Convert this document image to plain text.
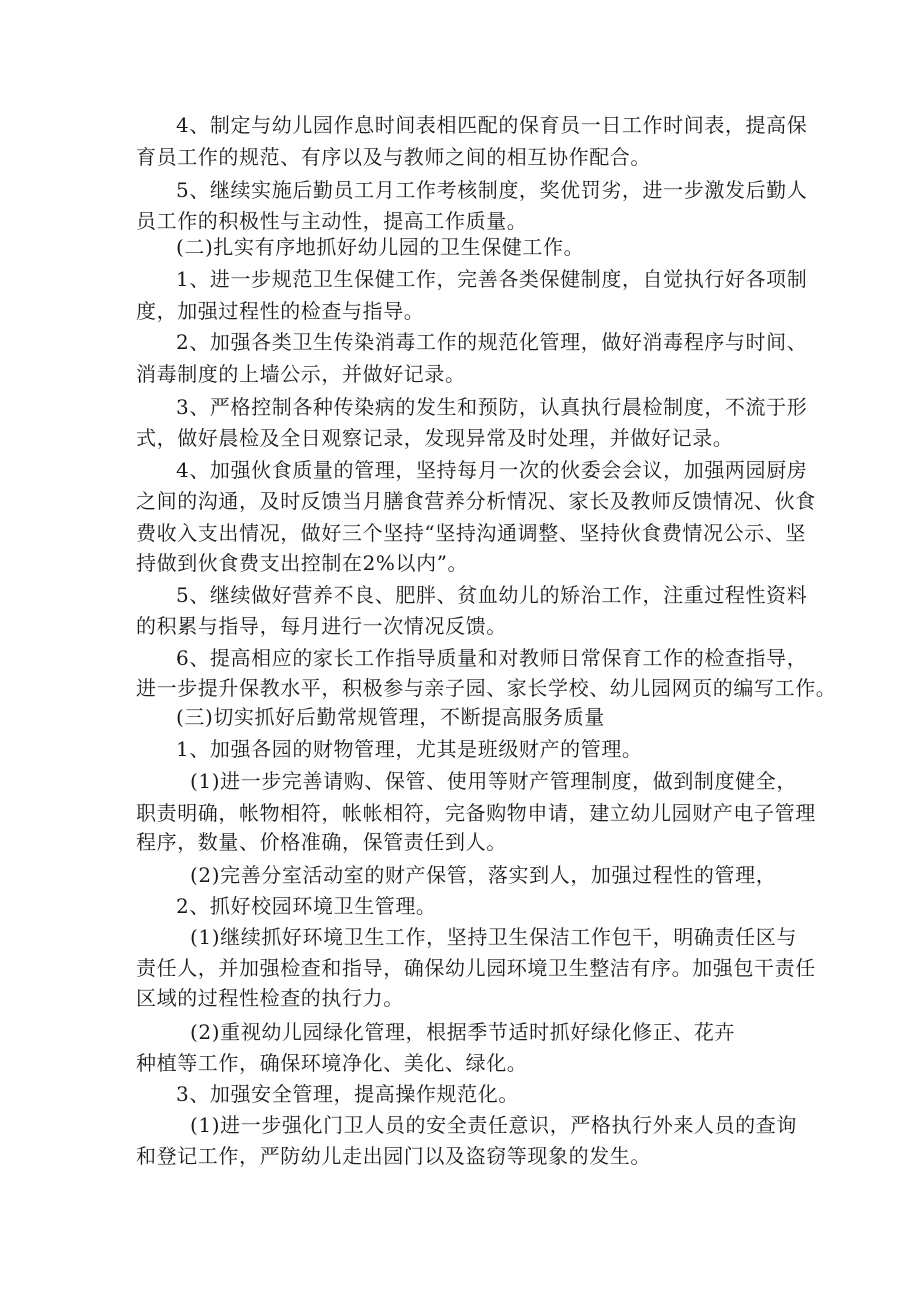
4、制定与幼儿园作息时间表相匹配的保育员一日工作时间表，提高保
育员工作的规范、有序以及与教师之间的相互协作配合。
5、继续实施后勤员工月工作考核制度，奖优罚劣，进一步激发后勤人
员工作的积极性与主动性，提高工作质量。
(二)扎实有序地抓好幼儿园的卫生保健工作。
1、进一步规范卫生保健工作，完善各类保健制度，自觉执行好各项制
度，加强过程性的检查与指导。
2、加强各类卫生传染消毒工作的规范化管理，做好消毒程序与时间、
消毒制度的上墙公示，并做好记录。
3、严格控制各种传染病的发生和预防，认真执行晨检制度，不流于形
式，做好晨检及全日观察记录，发现异常及时处理，并做好记录。
4、加强伙食质量的管理，坚持每月一次的伙委会会议，加强两园厨房
之间的沟通，及时反馈当月膳食营养分析情况、家长及教师反馈情况、伙食
费收入支出情况，做好三个坚持“坚持沟通调整、坚持伙食费情况公示、坚
持做到伙食费支出控制在2%以内”。
5、继续做好营养不良、肥胖、贫血幼儿的矫治工作，注重过程性资料
的积累与指导，每月进行一次情况反馈。
6、提高相应的家长工作指导质量和对教师日常保育工作的检查指导，
进一步提升保教水平，积极参与亲子园、家长学校、幼儿园网页的编写工作。
(三)切实抓好后勤常规管理，不断提高服务质量
1、加强各园的财物管理，尤其是班级财产的管理。
(1)进一步完善请购、保管、使用等财产管理制度，做到制度健全，
职责明确，帐物相符，帐帐相符，完备购物申请，建立幼儿园财产电子管理
程序，数量、价格准确，保管责任到人。
(2)完善分室活动室的财产保管，落实到人，加强过程性的管理，
2、抓好校园环境卫生管理。
(1)继续抓好环境卫生工作，坚持卫生保洁工作包干，明确责任区与
责任人，并加强检查和指导，确保幼儿园环境卫生整洁有序。加强包干责任
区域的过程性检查的执行力。
(2)重视幼儿园绿化管理，根据季节适时抓好绿化修正、花卉
种植等工作，确保环境净化、美化、绿化。
3、加强安全管理，提高操作规范化。
(1)进一步强化门卫人员的安全责任意识，严格执行外来人员的查询
和登记工作，严防幼儿走出园门以及盗窃等现象的发生。
